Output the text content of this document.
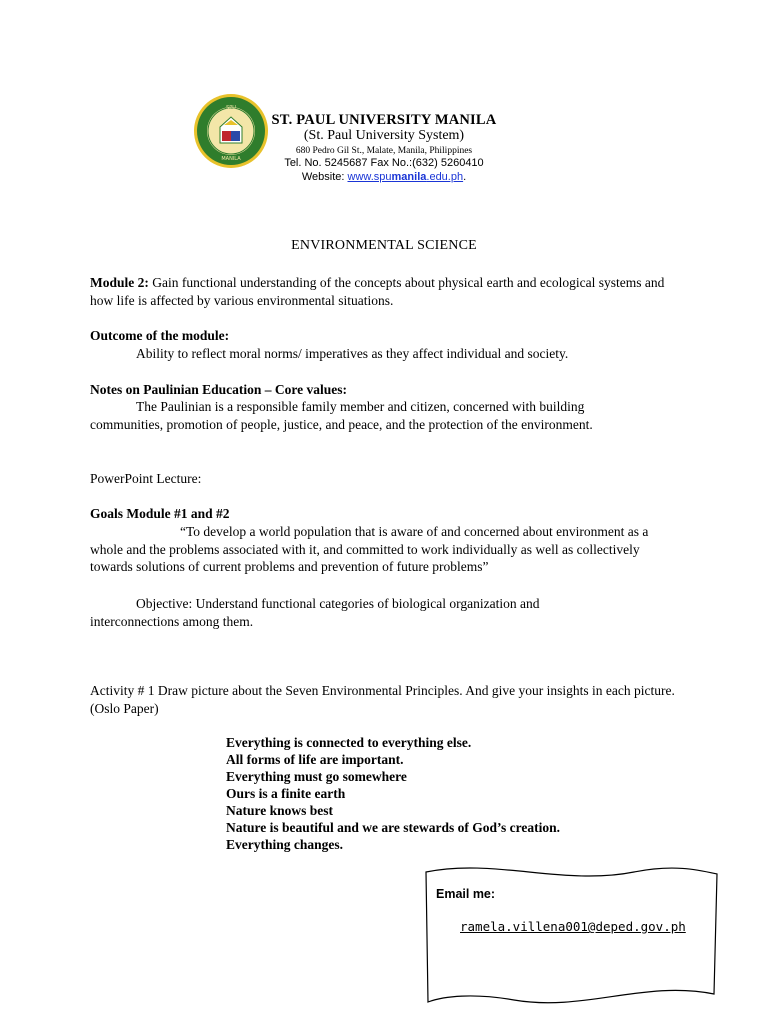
SPU
MANILA
ST. PAUL UNIVERSITY MANILA
(St. Paul University System)
680 Pedro Gil St., Malate, Manila, Philippines
Tel. No. 5245687 Fax No.:(632) 5260410
Website: www.spumanila.edu.ph.
ENVIRONMENTAL SCIENCE
Module 2: Gain functional understanding of the concepts about physical earth and ecological systems and how life is affected by various environmental situations.
Outcome of the module:
Ability to reflect moral norms/ imperatives as they affect individual and society.
Notes on Paulinian Education – Core values:
The Paulinian is a responsible family member and citizen, concerned with building communities, promotion of people, justice, and peace, and the protection of the environment.
PowerPoint Lecture:
Goals Module #1 and #2
“To develop a world population that is aware of and concerned about environment as a whole and the problems associated with it, and committed to work individually as well as collectively towards solutions of current problems and prevention of future problems”
Objective: Understand functional categories of biological organization and interconnections among them.
Activity # 1 Draw picture about the Seven Environmental Principles. And give your insights in each picture. (Oslo Paper)
Everything is connected to everything else.
All forms of life are important.
Everything must go somewhere
Ours is a finite earth
Nature knows best
Nature is beautiful and we are stewards of God’s creation.
Everything changes.
Email me:
ramela.villena001@deped.gov.ph
